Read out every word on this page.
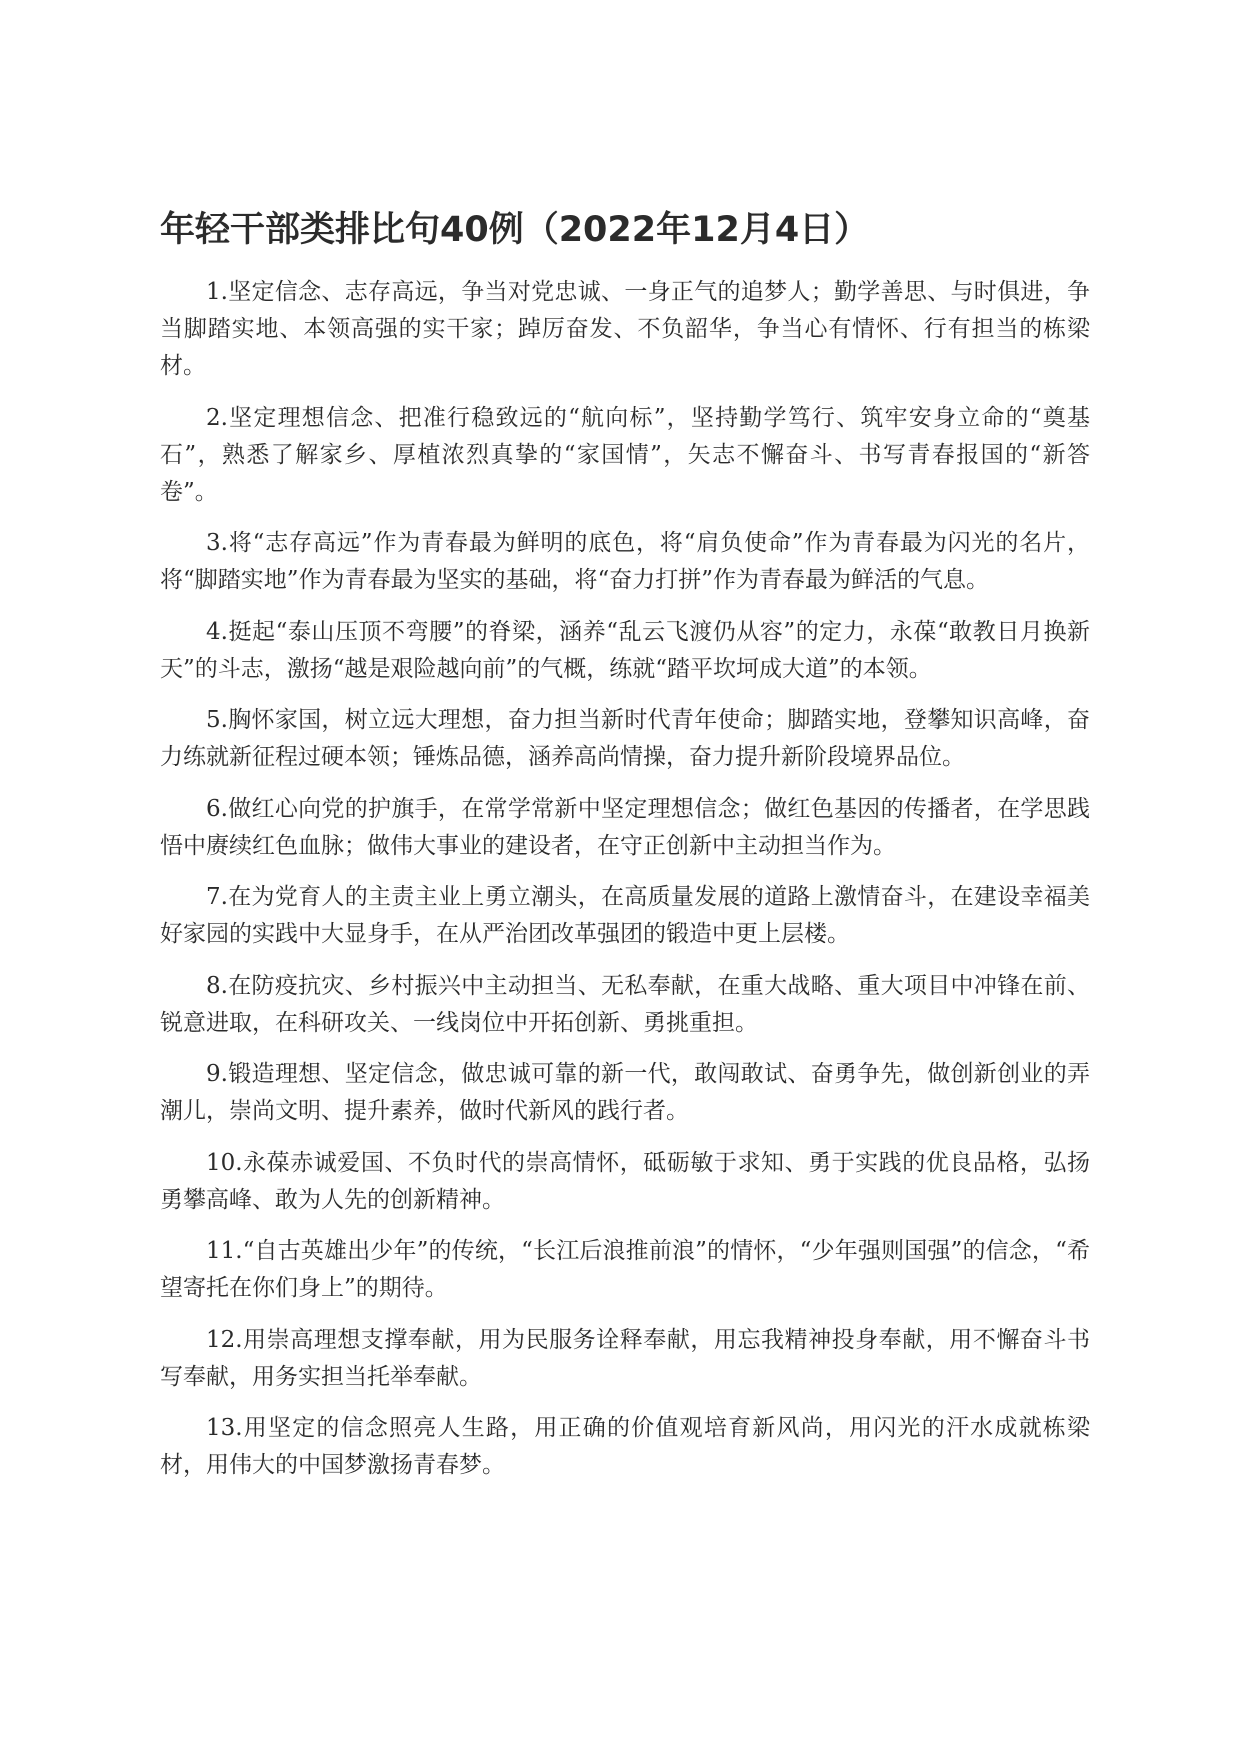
年轻干部类排比句40例（2022年12月4日）

1.坚定信念、志存高远，争当对党忠诚、一身正气的追梦人；勤学善思、与时俱进，争当脚踏实地、本领高强的实干家；踔厉奋发、不负韶华，争当心有情怀、行有担当的栋梁材。

2.坚定理想信念、把准行稳致远的“航向标”，坚持勤学笃行、筑牢安身立命的“奠基石”，熟悉了解家乡、厚植浓烈真挚的“家国情”，矢志不懈奋斗、书写青春报国的“新答卷”。

3.将“志存高远”作为青春最为鲜明的底色，将“肩负使命”作为青春最为闪光的名片，将“脚踏实地”作为青春最为坚实的基础，将“奋力打拼”作为青春最为鲜活的气息。

4.挺起“泰山压顶不弯腰”的脊梁，涵养“乱云飞渡仍从容”的定力，永葆“敢教日月换新天”的斗志，激扬“越是艰险越向前”的气概，练就“踏平坎坷成大道”的本领。

5.胸怀家国，树立远大理想，奋力担当新时代青年使命；脚踏实地，登攀知识高峰，奋力练就新征程过硬本领；锤炼品德，涵养高尚情操，奋力提升新阶段境界品位。

6.做红心向党的护旗手，在常学常新中坚定理想信念；做红色基因的传播者，在学思践悟中赓续红色血脉；做伟大事业的建设者，在守正创新中主动担当作为。

7.在为党育人的主责主业上勇立潮头，在高质量发展的道路上激情奋斗，在建设幸福美好家园的实践中大显身手，在从严治团改革强团的锻造中更上层楼。

8.在防疫抗灾、乡村振兴中主动担当、无私奉献，在重大战略、重大项目中冲锋在前、锐意进取，在科研攻关、一线岗位中开拓创新、勇挑重担。

9.锻造理想、坚定信念，做忠诚可靠的新一代，敢闯敢试、奋勇争先，做创新创业的弄潮儿，崇尚文明、提升素养，做时代新风的践行者。

10.永葆赤诚爱国、不负时代的崇高情怀，砥砺敏于求知、勇于实践的优良品格，弘扬勇攀高峰、敢为人先的创新精神。

11.“自古英雄出少年”的传统，“长江后浪推前浪”的情怀，“少年强则国强”的信念，“希望寄托在你们身上”的期待。

12.用崇高理想支撑奉献，用为民服务诠释奉献，用忘我精神投身奉献，用不懈奋斗书写奉献，用务实担当托举奉献。

13.用坚定的信念照亮人生路，用正确的价值观培育新风尚，用闪光的汗水成就栋梁材，用伟大的中国梦激扬青春梦。
